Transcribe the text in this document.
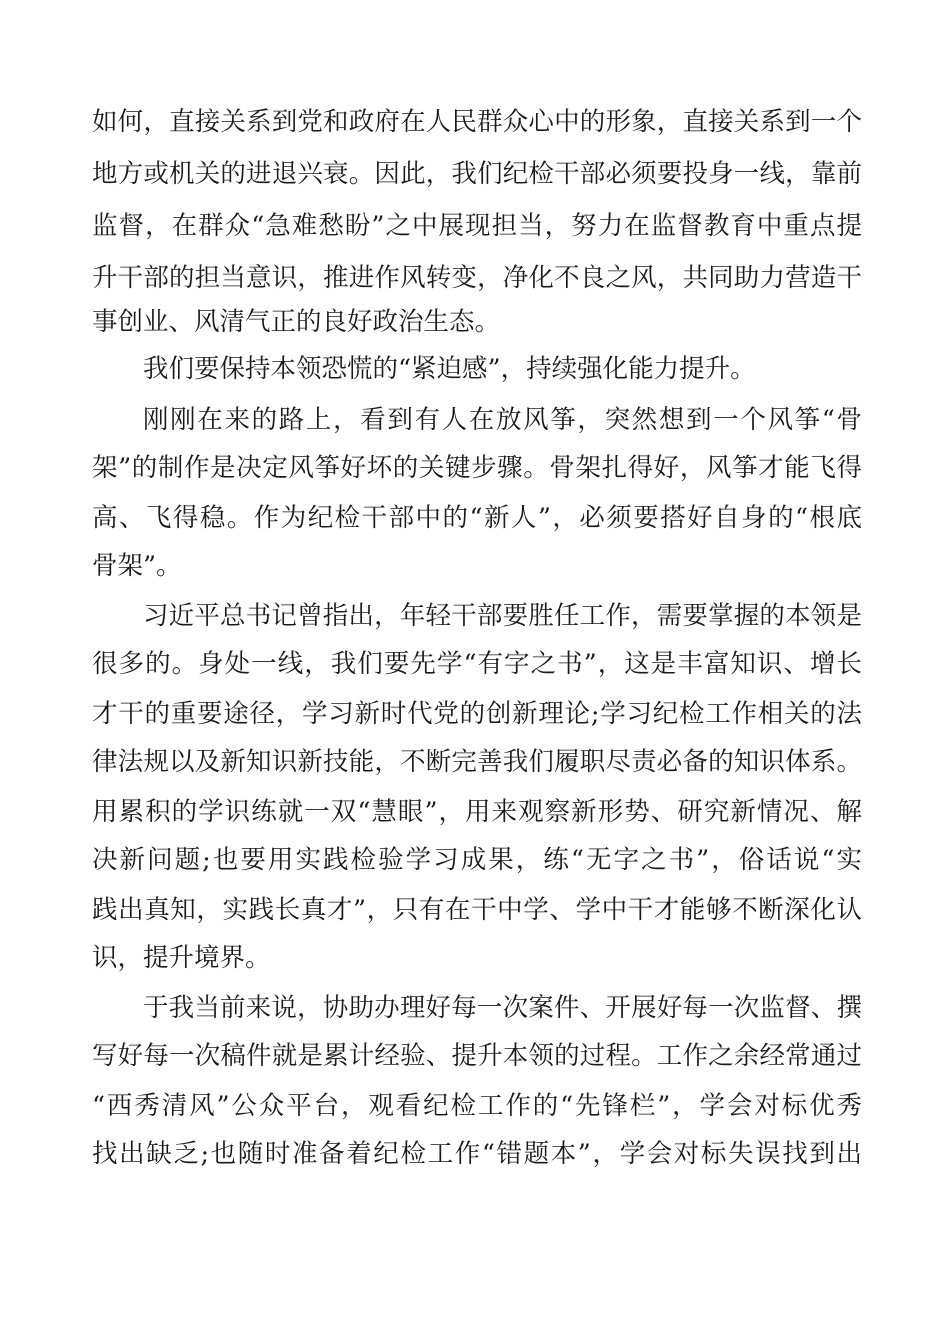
如何，直接关系到党和政府在人民群众心中的形象，直接关系到一个
地方或机关的进退兴衰。因此，我们纪检干部必须要投身一线，靠前
监督，在群众“急难愁盼”之中展现担当，努力在监督教育中重点提
升干部的担当意识，推进作风转变，净化不良之风，共同助力营造干
事创业、风清气正的良好政治生态。
我们要保持本领恐慌的“紧迫感”，持续强化能力提升。
刚刚在来的路上，看到有人在放风筝，突然想到一个风筝“骨
架”的制作是决定风筝好坏的关键步骤。骨架扎得好，风筝才能飞得
高、飞得稳。作为纪检干部中的“新人”，必须要搭好自身的“根底
骨架”。
习近平总书记曾指出，年轻干部要胜任工作，需要掌握的本领是
很多的。身处一线，我们要先学“有字之书”，这是丰富知识、增长
才干的重要途径，学习新时代党的创新理论;学习纪检工作相关的法
律法规以及新知识新技能，不断完善我们履职尽责必备的知识体系。
用累积的学识练就一双“慧眼”，用来观察新形势、研究新情况、解
决新问题;也要用实践检验学习成果，练“无字之书”，俗话说“实
践出真知，实践长真才”，只有在干中学、学中干才能够不断深化认
识，提升境界。
于我当前来说，协助办理好每一次案件、开展好每一次监督、撰
写好每一次稿件就是累计经验、提升本领的过程。工作之余经常通过
“西秀清风”公众平台，观看纪检工作的“先锋栏”，学会对标优秀
找出缺乏;也随时准备着纪检工作“错题本”，学会对标失误找到出
